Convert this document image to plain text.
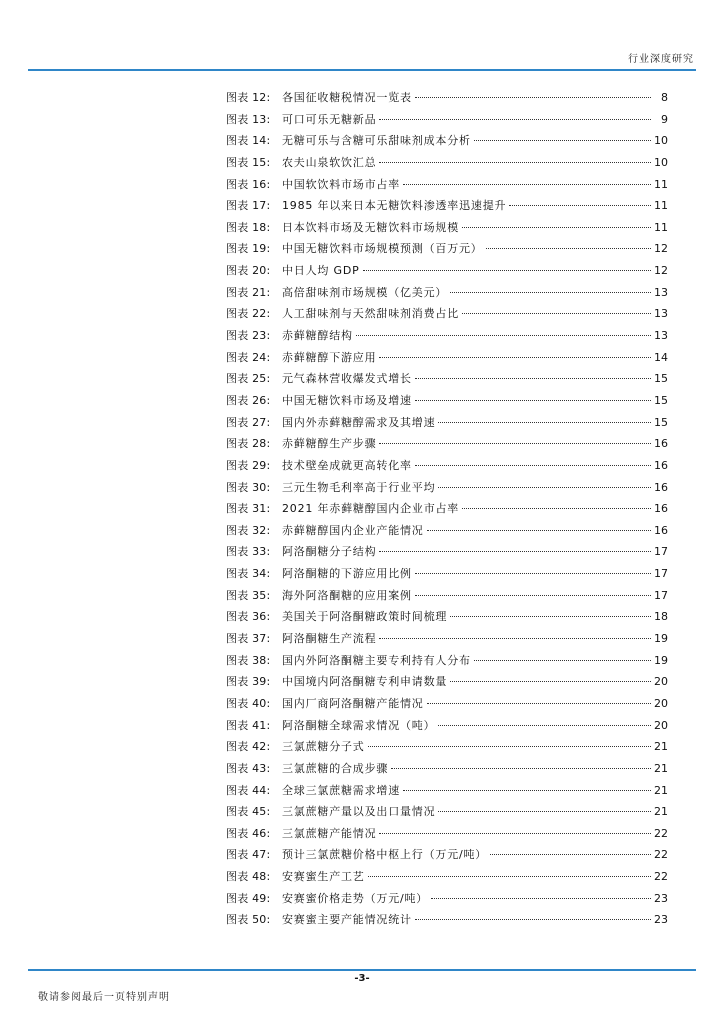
行业深度研究
图表 12:	各国征收糖税情况一览表	8
图表 13:	可口可乐无糖新品	9
图表 14:	无糖可乐与含糖可乐甜味剂成本分析	10
图表 15:	农夫山泉软饮汇总	10
图表 16:	中国软饮料市场市占率	11
图表 17:	1985 年以来日本无糖饮料渗透率迅速提升	11
图表 18:	日本饮料市场及无糖饮料市场规模	11
图表 19:	中国无糖饮料市场规模预测（百万元）	12
图表 20:	中日人均 GDP	12
图表 21:	高倍甜味剂市场规模（亿美元）	13
图表 22:	人工甜味剂与天然甜味剂消费占比	13
图表 23:	赤藓糖醇结构	13
图表 24:	赤藓糖醇下游应用	14
图表 25:	元气森林营收爆发式增长	15
图表 26:	中国无糖饮料市场及增速	15
图表 27:	国内外赤藓糖醇需求及其增速	15
图表 28:	赤藓糖醇生产步骤	16
图表 29:	技术壁垒成就更高转化率	16
图表 30:	三元生物毛利率高于行业平均	16
图表 31:	2021 年赤藓糖醇国内企业市占率	16
图表 32:	赤藓糖醇国内企业产能情况	16
图表 33:	阿洛酮糖分子结构	17
图表 34:	阿洛酮糖的下游应用比例	17
图表 35:	海外阿洛酮糖的应用案例	17
图表 36:	美国关于阿洛酮糖政策时间梳理	18
图表 37:	阿洛酮糖生产流程	19
图表 38:	国内外阿洛酮糖主要专利持有人分布	19
图表 39:	中国境内阿洛酮糖专利申请数量	20
图表 40:	国内厂商阿洛酮糖产能情况	20
图表 41:	阿洛酮糖全球需求情况（吨）	20
图表 42:	三氯蔗糖分子式	21
图表 43:	三氯蔗糖的合成步骤	21
图表 44:	全球三氯蔗糖需求增速	21
图表 45:	三氯蔗糖产量以及出口量情况	21
图表 46:	三氯蔗糖产能情况	22
图表 47:	预计三氯蔗糖价格中枢上行（万元/吨）	22
图表 48:	安赛蜜生产工艺	22
图表 49:	安赛蜜价格走势（万元/吨）	23
图表 50:	安赛蜜主要产能情况统计	23
-3-
敬请参阅最后一页特别声明
